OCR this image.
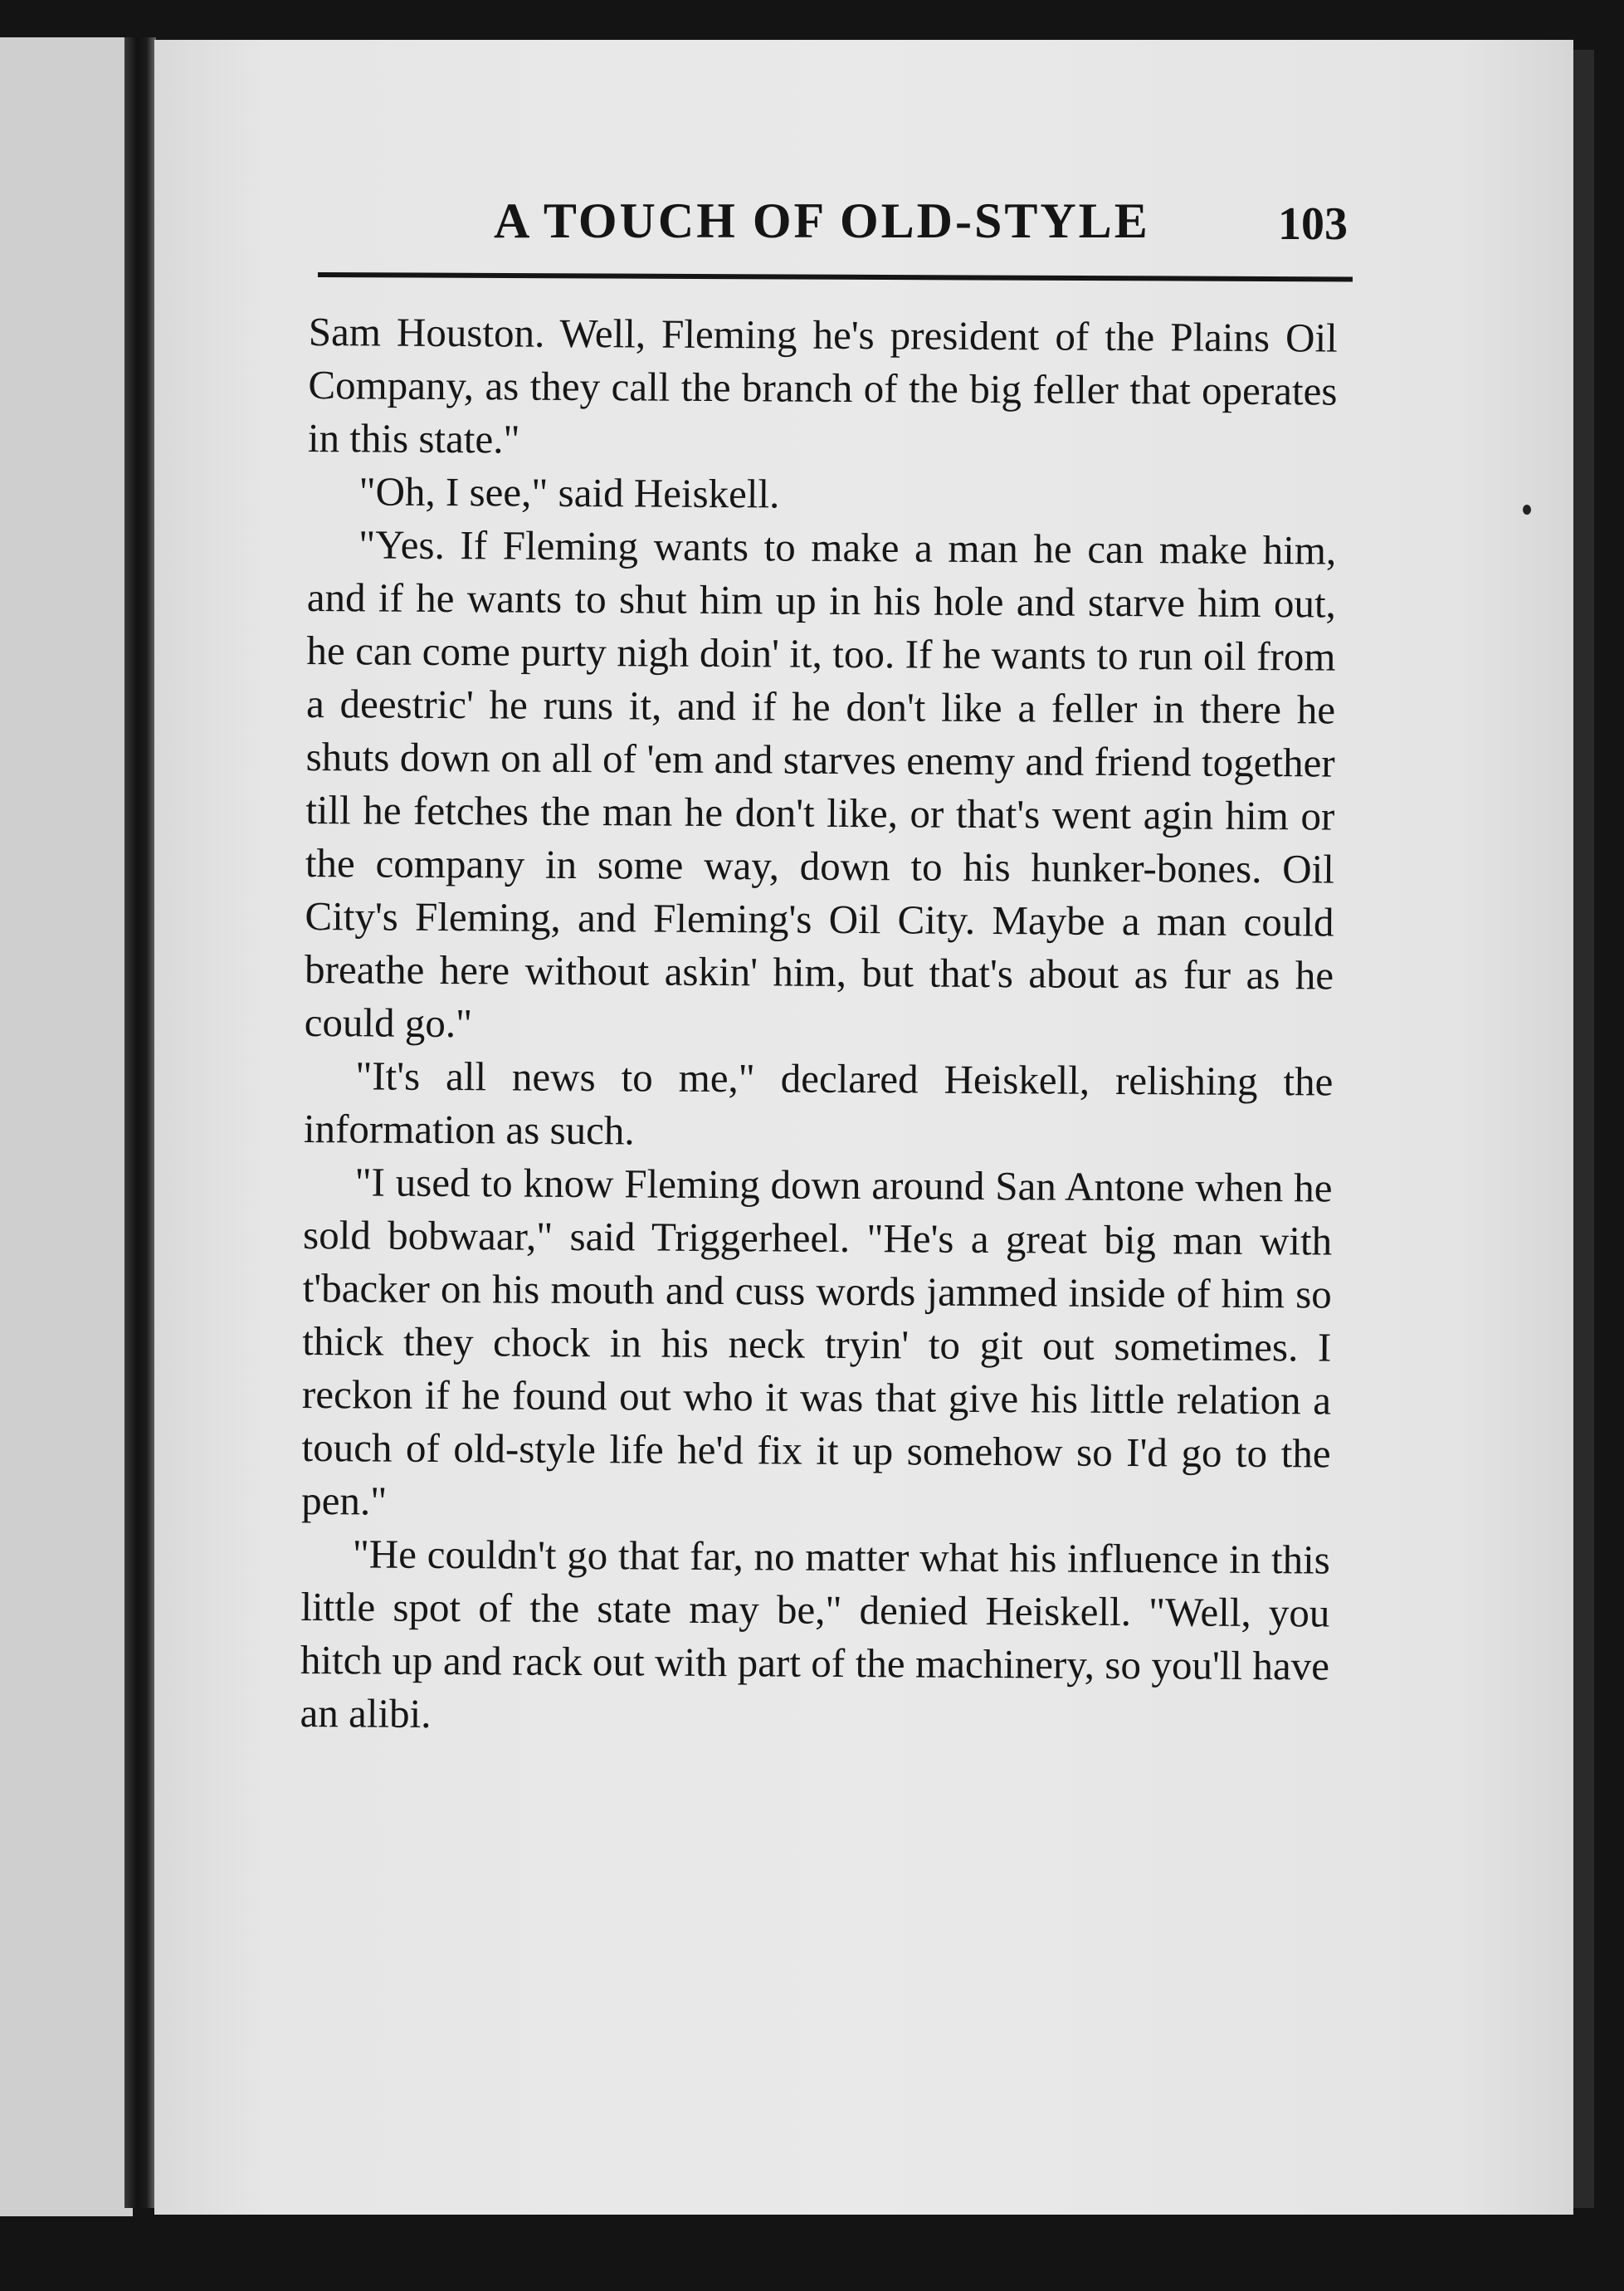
A TOUCH OF OLD-STYLE	103

Sam Houston. Well, Fleming he's president of the Plains Oil Company, as they call the branch of the big feller that operates in this state."

"Oh, I see," said Heiskell.

"Yes. If Fleming wants to make a man he can make him, and if he wants to shut him up in his hole and starve him out, he can come purty nigh doin' it, too. If he wants to run oil from a deestric' he runs it, and if he don't like a feller in there he shuts down on all of 'em and starves enemy and friend together till he fetches the man he don't like, or that's went agin him or the company in some way, down to his hunker-bones. Oil City's Fleming, and Fleming's Oil City. Maybe a man could breathe here without askin' him, but that's about as fur as he could go."

"It's all news to me," declared Heiskell, relishing the information as such.

"I used to know Fleming down around San Antone when he sold bobwaar," said Triggerheel. "He's a great big man with t'backer on his mouth and cuss words jammed inside of him so thick they chock in his neck tryin' to git out sometimes. I reckon if he found out who it was that give his little relation a touch of old-style life he'd fix it up somehow so I'd go to the pen."

"He couldn't go that far, no matter what his influence in this little spot of the state may be," denied Heiskell. "Well, you hitch up and rack out with part of the machinery, so you'll have an alibi.
